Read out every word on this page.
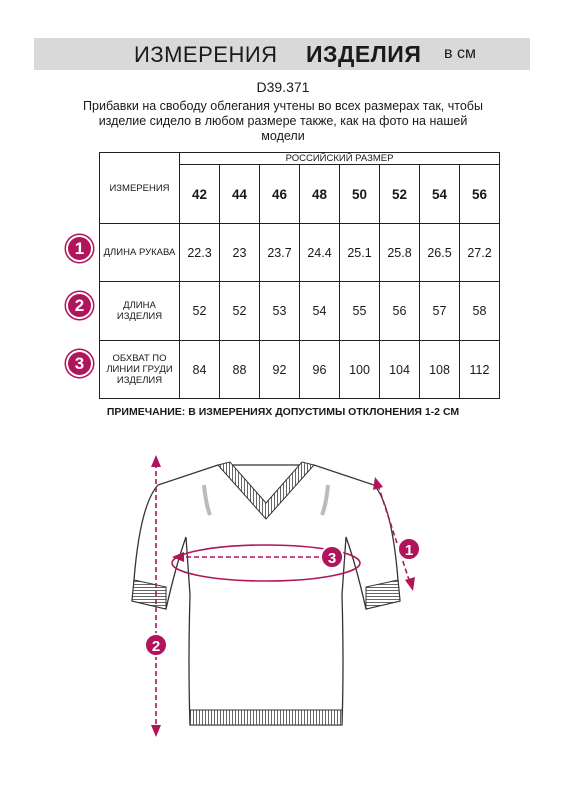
ИЗМЕРЕНИЯ ИЗДЕЛИЯ в см
D39.371
Прибавки на свободу облегания учтены во всех размерах так, чтобы изделие сидело в любом размере также, как на фото на нашей модели
ИЗМЕРЕНИЯ	РОССИЙСКИЙ РАЗМЕР							
	42	44	46	48	50	52	54	56
ДЛИНА РУКАВА	22.3	23	23.7	24.4	25.1	25.8	26.5	27.2
ДЛИНА ИЗДЕЛИЯ	52	52	53	54	55	56	57	58
ОБХВАТ ПО ЛИНИИ ГРУДИ ИЗДЕЛИЯ	84	88	92	96	100	104	108	112
1
2
3
ПРИМЕЧАНИЕ: В ИЗМЕРЕНИЯХ ДОПУСТИМЫ ОТКЛОНЕНИЯ 1-2 СМ
2
3	1
